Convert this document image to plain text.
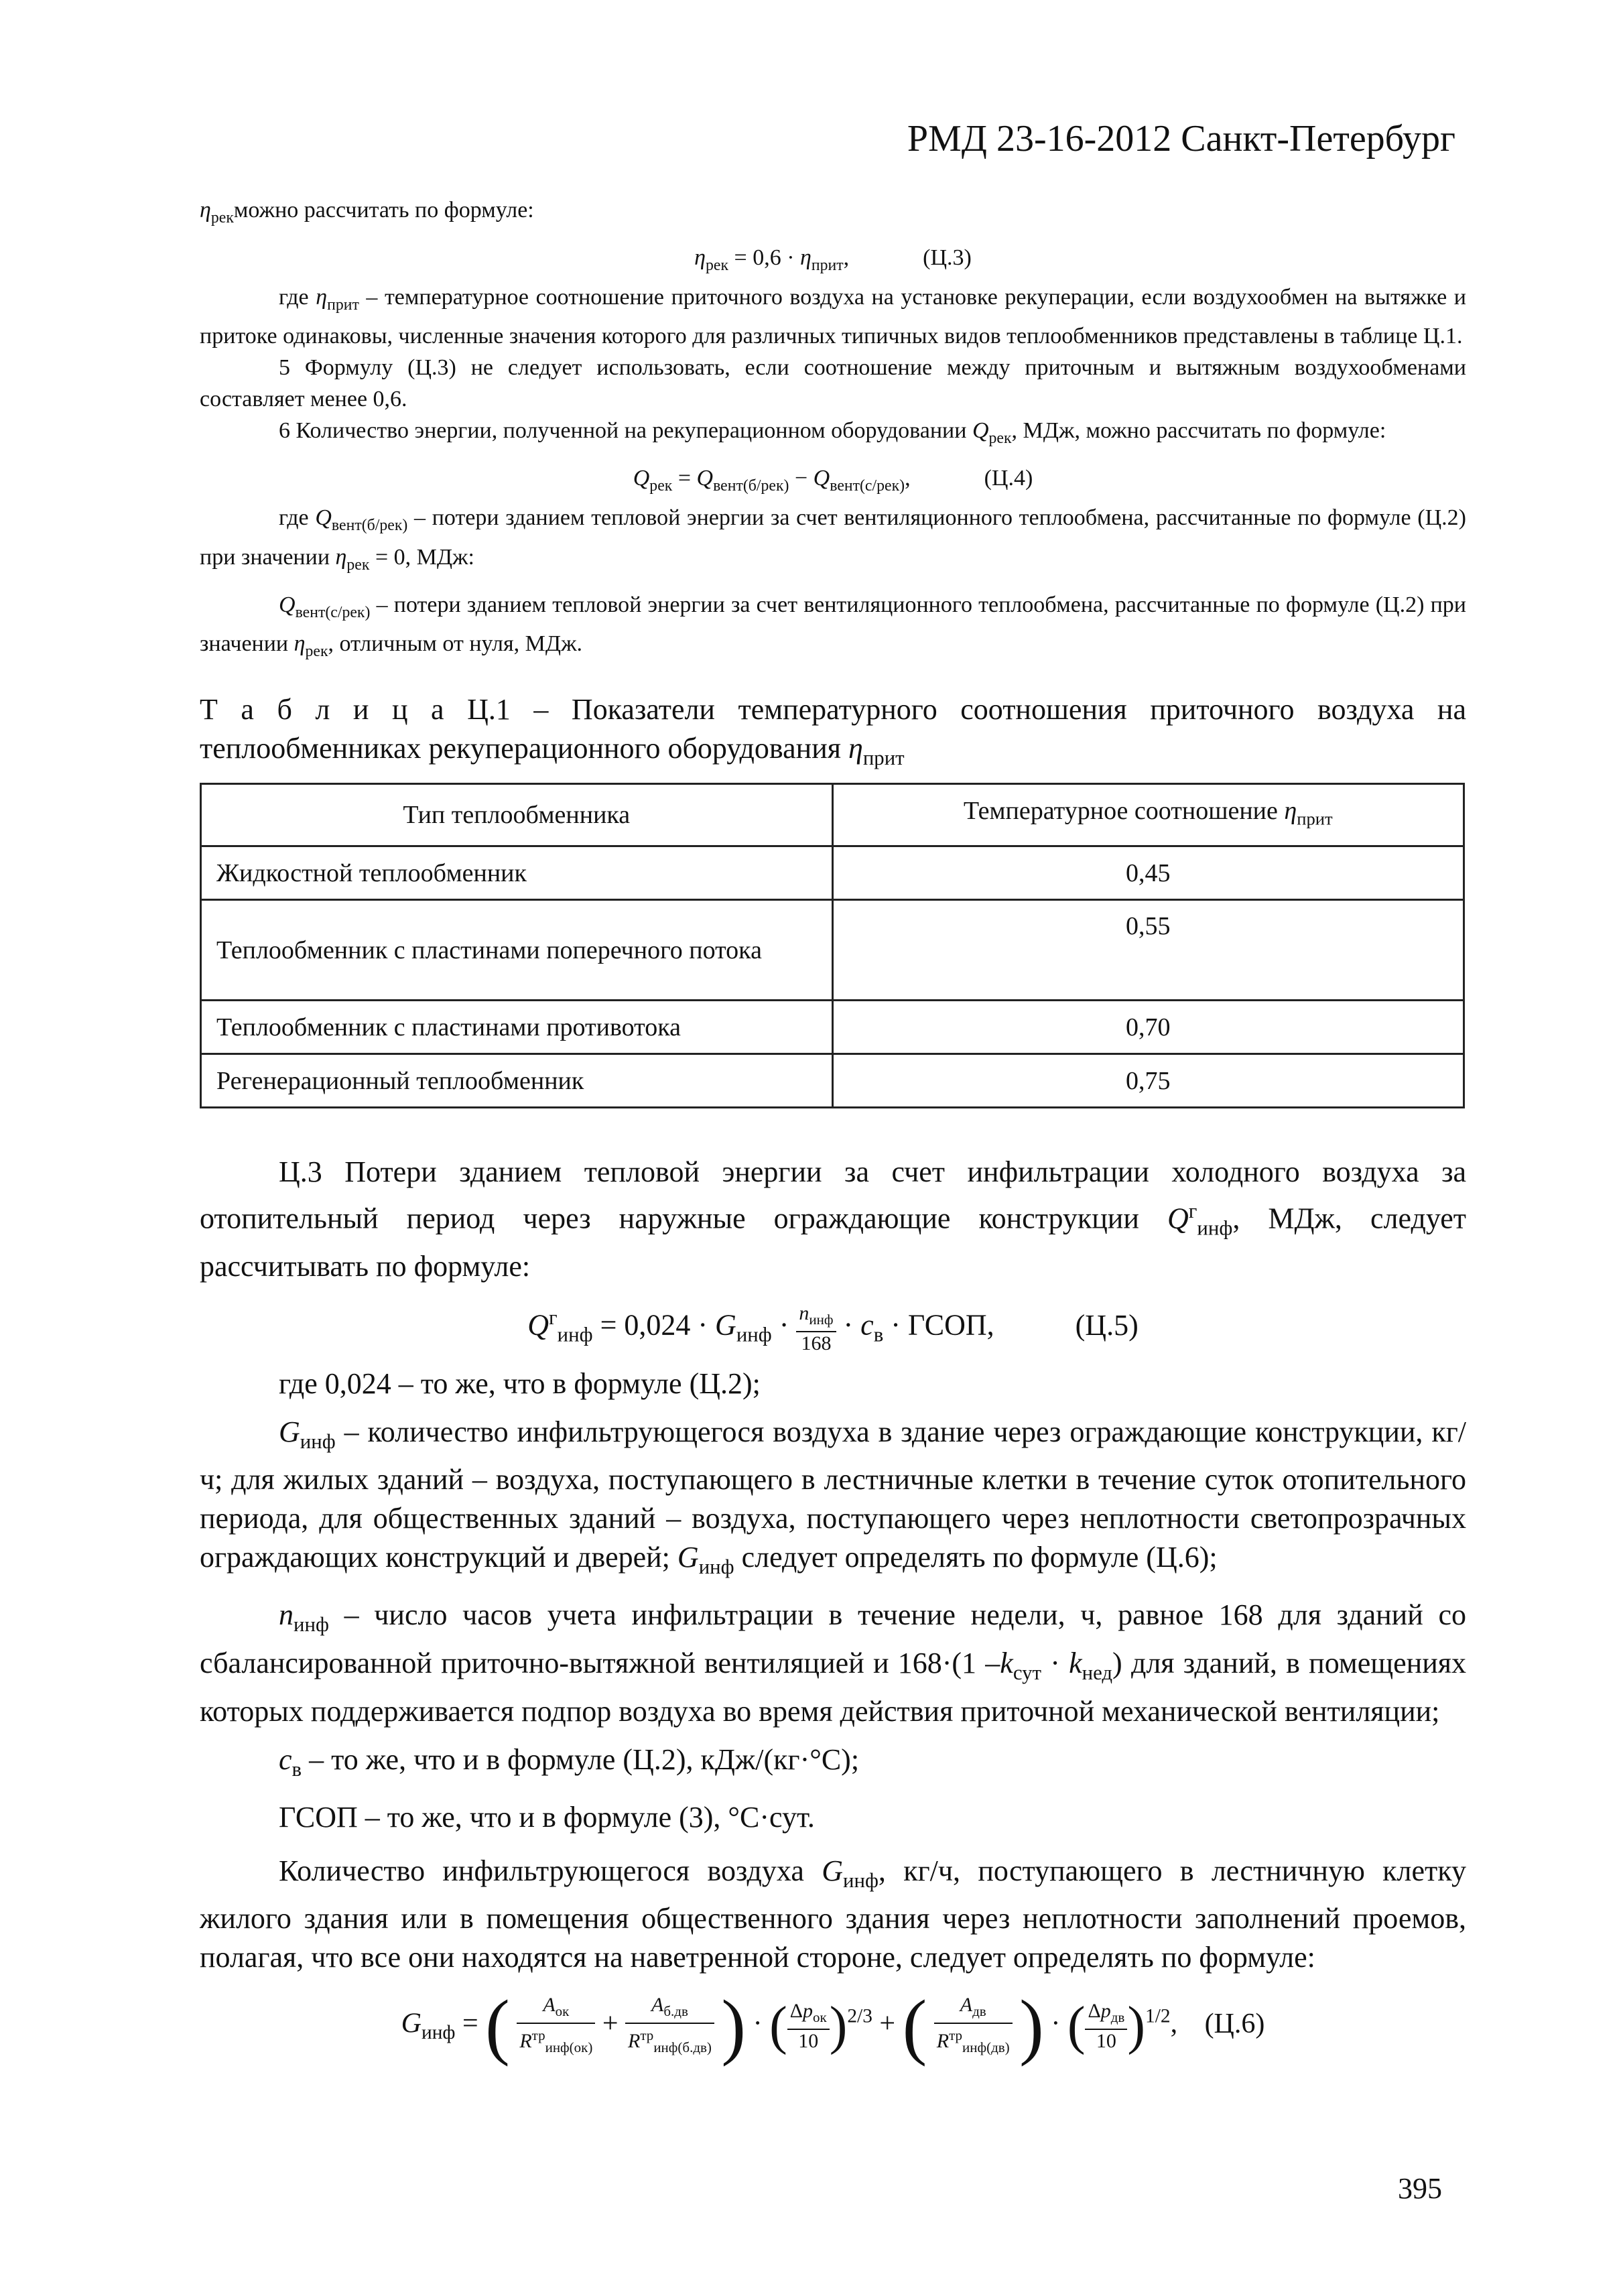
РМД 23-16-2012 Санкт-Петербург

$\eta_{рек}можно$ рассчитать по формуле:

$\eta_{рек} = 0,6 \cdot \eta_{прит}$,	(Ц.3)

где $\eta_{прит}$ – температурное соотношение приточного воздуха на установке рекуперации, если воздухообмен на вытяжке и притоке одинаковы, численные значения которого для различных типичных видов теплообменников представлены в таблице Ц.1.

5 Формулу (Ц.3) не следует использовать, если соотношение между приточным и вытяжным воздухообменами составляет менее 0,6.

6 Количество энергии, полученной на рекуперационном оборудовании $Q_{рек}$, МДж, можно рассчитать по формуле:

$Q_{рек} = Q_{вент(б/рек)} - Q_{вент(с/рек)}$,	(Ц.4)

где $Q_{вент(б/рек)}$ – потери зданием тепловой энергии за счет вентиляционного теплообмена, рассчитанные по формуле (Ц.2) при значении $\eta_{рек} = 0$, МДж:

$Q_{вент(с/рек)}$ – потери зданием тепловой энергии за счет вентиляционного теплообмена, рассчитанные по формуле (Ц.2) при значении $\eta_{рек}$, отличным от нуля, МДж.

Т а б л и ц а Ц.1 – Показатели температурного соотношения приточного воздуха на теплообменниках рекуперационного оборудования $\eta_{прит}$

Тип теплообменника	Температурное соотношение $\eta_{прит}$
Жидкостной теплообменник	0,45
Теплообменник с пластинами поперечного потока	0,55
Теплообменник с пластинами противотока	0,70
Регенерационный теплообменник	0,75

Ц.3 Потери зданием тепловой энергии за счет инфильтрации холодного воздуха за отопительный период через наружные ограждающие конструкции $Q^г_{инф}$, МДж, следует рассчитывать по формуле:

$Q^г_{инф} = 0,024 \cdot G_{инф} \cdot \frac{n_{инф}}{168} \cdot c_в$ · ГСОП,	(Ц.5)

где 0,024 – то же, что в формуле (Ц.2);

$G_{инф}$ – количество инфильтрующегося воздуха в здание через ограждающие конструкции, кг/ч; для жилых зданий – воздуха, поступающего в лестничные клетки в течение суток отопительного периода, для общественных зданий – воздуха, поступающего через неплотности светопрозрачных ограждающих конструкций и дверей; $G_{инф}$ следует определять по формуле (Ц.6);

$n_{инф}$ – число часов учета инфильтрации в течение недели, ч, равное 168 для зданий со сбалансированной приточно-вытяжной вентиляцией и 168·(1 $-k_{сут} \cdot k_{нед}$) для зданий, в помещениях которых поддерживается подпор воздуха во время действия приточной механической вентиляции;

$c_в$ – то же, что и в формуле (Ц.2), кДж/(кг·°С);

ГСОП – то же, что и в формуле (3), °С·сут.

Количество инфильтрующегося воздуха $G_{инф}$, кг/ч, поступающего в лестничную клетку жилого здания или в помещения общественного здания через неплотности заполнений проемов, полагая, что все они находятся на наветренной стороне, следует определять по формуле:

$G_{инф}$ = ( $\frac{A_{ок}}{R^{тр}_{инф(ок)}} + \frac{A_{б.дв}}{R^{тр}_{инф(б.дв)}}$ ) · ( $\frac{\Delta p_{ок}}{10} )^{2/3}$ + ( $\frac{A_{дв}}{R^{тр}_{инф(дв)}}$ ) · ( $\frac{\Delta p_{дв}}{10} )^{1/2}$, (Ц.6)

395
